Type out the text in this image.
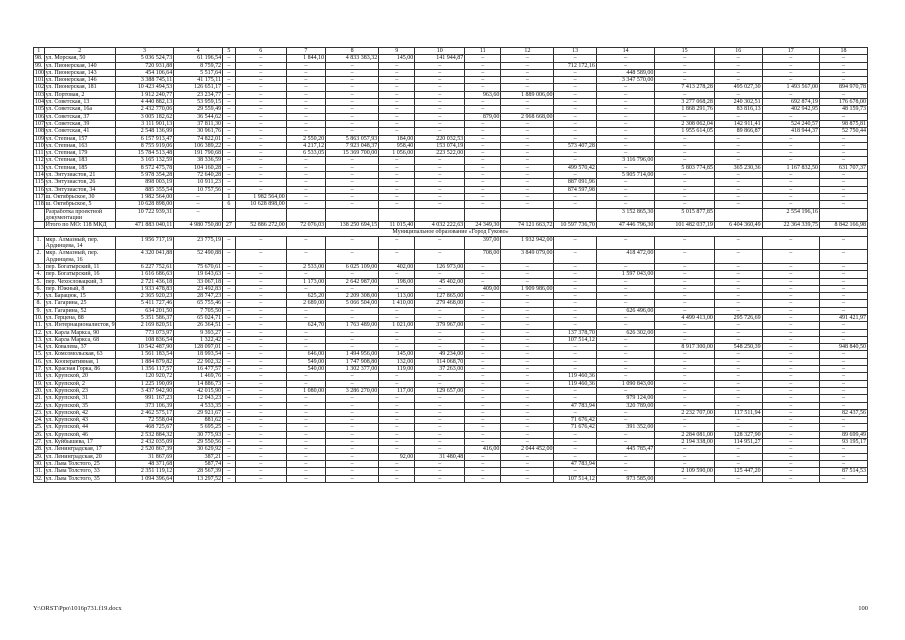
1	2	3	4	5	6	7	8	9	10	11	12	13	14	15	16	17	18
98.	ул. Морская, 50	5 036 524,73	61 196,54	–	–	1 844,10	4 833 383,32	145,00	141 944,87	–	–	–	–	–	–	–	–
99.	ул. Пионерская, 140	720 931,88	8 759,72	–	–	–	–	–	–	–	–	712 172,16	–	–	–	–	–
100.	ул. Пионерская, 143	454 106,64	5 517,64	–	–	–	–	–	–	–	–	–	448 589,00	–	–	–	–
101.	ул. Пионерская, 146	3 388 745,11	41 175,11	–	–	–	–	–	–	–	–	–	3 347 570,00	–	–	–	–
102.	ул. Пионерская, 181	10 423 494,53	126 651,17	–	–	–	–	–	–	–	–	–	–	7 413 278,28	495 027,30	1 493 567,00	894 970,78
103.	ул. Портовая, 2	1 912 240,77	23 234,77	–	–	–	–	–	–	963,60	1 889 006,00	–	–	–	–	–	–
104.	ул. Советская, 13	4 440 882,13	53 959,15	–	–	–	–	–	–	–	–	–	–	3 277 068,28	240 302,51	692 874,19	176 678,00
105.	ул. Советская, 16а	2 432 770,06	29 559,49	–	–	–	–	–	–	–	–	–	–	1 868 291,76	83 816,13	402 942,95	48 159,73
106.	ул. Советская, 37	3 005 182,62	36 544,62	–	–	–	–	–	–	879,00	2 968 668,00	–	–	–	–	–	–
107.	ул. Советская, 39	3 111 901,13	37 811,30	–	–	–	–	–	–	–	–	–	–	2 308 062,04	142 911,41	524 240,57	98 875,81
108.	ул. Советская, 41	2 548 136,99	30 961,76	–	–	–	–	–	–	–	–	–	–	1 955 614,05	89 866,87	418 944,37	52 750,44
109.	ул. Степная, 157	6 157 913,47	74 822,01	–	–	2 550,20	5 863 057,93	184,00	220 032,53	–	–	–	–	–	–	–	–
110.	ул. Степная, 163	8 755 919,06	106 389,22	–	–	4 217,12	7 923 048,37	958,40	153 074,19	–	–	573 407,28	–	–	–	–	–
111.	ул. Степная, 179	15 784 513,48	191 790,68	–	–	6 533,05	15 369 700,00	1 056,00	223 522,00	–	–	–	–	–	–	–	–
112.	ул. Степная, 183	3 165 132,59	38 336,59	–	–	–	–	–	–	–	–	–	3 116 796,00	–	–	–	–
113.	ул. Степная, 185	8 572 475,78	104 160,28	–	–	–	–	–	–	–	–	499 570,42	–	5 803 774,85	365 230,36	1 167 832,50	631 707,37
114.	ул. Энтузиастов, 21	5 978 354,28	72 640,28	–	–	–	–	–	–	–	–	–	5 905 714,00	–	–	–	–
115.	ул. Энтузиастов, 26	898 003,19	10 911,23	–	–	–	–	–	–	–	–	887 091,96	–	–	–	–	–
116.	ул. Энтузиастов, 34	885 355,54	10 757,56	–	–	–	–	–	–	–	–	874 597,98	–	–	–	–	–
117.	ш. Октябрьское, 30	1 982 564,00	–	1	1 982 564,00	–	–	–	–	–	–	–	–	–	–	–	–
118.	ш. Октябрьское, 5	10 628 898,00	–	6	10 628 898,00	–	–	–	–	–	–	–	–	–	–	–	–
	Разработка проектной документации	10 722 939,31	–										3 152 865,30	5 015 877,85		2 554 196,16	
	Итого по МО: 118 МКД	471 883 040,11	4 980 750,80	27	52 886 272,00	72 076,03	138 250 694,15	11 015,40	4 032 222,63	24 349,30	74 121 663,72	10 597 736,70	47 446 796,30	101 482 037,19	6 404 360,49	22 364 339,75	8 842 166,98
Муниципальное образование «Город Гуково»																	
1.	мкр. Алмазный, пер. Ардинцева, 14	1 956 717,19	23 775,19	–	–	–	–	–	–	397,00	1 932 942,00	–	–	–	–	–	–
2.	мкр. Алмазный, пер. Ардинцева, 16	4 320 041,88	52 490,88	–	–	–	–	–	–	708,00	3 849 079,00	–	418 472,00	–	–	–	–
3.	пер. Богатырский, 11	6 227 752,61	75 670,61	–	–	2 533,00	6 025 109,00	402,00	126 973,00	–	–	–	–	–	–	–	–
4.	пер. Богатырский, 16	1 616 686,63	19 643,63	–	–	–	–	–	–	–	–	–	1 597 043,00	–	–	–	–
5.	пер. Чехословацкий, 3	2 721 436,18	33 067,18	–	–	1 173,00	2 642 987,00	198,00	45 402,00	–	–	–	–	–	–	–	–
6.	пер. Южный, 8	1 933 478,83	23 492,83	–	–	–	–	–	–	409,00	1 909 986,00	–	–	–	–	–	–
7.	ул. Барацюк, 15	2 365 920,23	28 747,23	–	–	625,20	2 209 308,00	113,00	127 865,00	–	–	–	–	–	–	–	–
8.	ул. Гагарина, 25	5 411 727,46	65 755,46	–	–	2 689,00	5 066 504,00	1 410,00	279 468,00	–	–	–	–	–	–	–	–
9.	ул. Гагарина, 52	634 201,50	7 705,50	–	–	–	–	–	–	–	–	–	626 496,00	–	–	–	–
10.	ул. Герцена, 88	5 351 586,37	65 024,71	–	–	–	–	–	–	–	–	–	–	4 499 413,00	295 726,69	–	491 421,97
11.	ул. Интернационалистов, 9	2 169 820,51	26 364,51	–	–	624,70	1 763 489,00	1 021,00	379 967,00	–	–	–	–	–	–	–	–
12.	ул. Карла Маркса, 90	773 073,97	9 393,27	–	–	–	–	–	–	–	–	137 378,70	626 302,00	–	–	–	–
13.	ул. Карла Маркса, 68	108 836,54	1 322,42	–	–	–	–	–	–	–	–	107 514,12	–	–	–	–	–
14.	ул. Ковалева, 37	10 542 487,90	128 097,01	–	–	–	–	–	–	–	–	–	–	8 917 300,00	548 250,39	–	948 840,50
15.	ул. Комсомольская, 63	1 561 183,54	18 993,54	–	–	646,00	1 494 956,00	145,00	49 234,00	–	–	–	–	–	–	–	–
16.	ул. Кооперативная, 1	1 884 879,82	22 902,32	–	–	549,00	1 747 908,80	132,00	114 068,70	–	–	–	–	–	–	–	–
17.	ул. Красная Горка, 86	1 356 117,57	16 477,57	–	–	540,00	1 302 377,00	119,00	37 263,00	–	–	–	–	–	–	–	–
18.	ул. Крупской, 20	120 920,72	1 469,76	–	–	–	–	–	–	–	–	119 460,36	–	–	–	–	–
19.	ул. Крупской, 2	1 225 190,09	14 886,73	–	–	–	–	–	–	–	–	119 460,36	1 090 843,00	–	–	–	–
20.	ул. Крупской, 23	3 437 942,90	42 015,90	–	–	1 080,00	3 286 270,00	117,00	129 657,00	–	–	–	–	–	–	–	–
21.	ул. Крупской, 31	991 167,23	12 043,23	–	–	–	–	–	–	–	–	–	979 124,00	–	–	–	–
22.	ул. Крупской, 35	373 106,39	4 533,35	–	–	–	–	–	–	–	–	47 783,94	320 789,00	–	–	–	–
23.	ул. Крупской, 42	2 462 575,17	29 921,67	–	–	–	–	–	–	–	–	–	–	2 232 707,00	117 511,94	–	82 437,56
24.	ул. Крупской, 43	72 558,04	881,62	–	–	–	–	–	–	–	–	71 676,42	–	–	–	–	–
25.	ул. Крупской, 44	468 725,67	5 695,25	–	–	–	–	–	–	–	–	71 676,42	391 352,00	–	–	–	–
26.	ул. Крупской, 46	2 532 884,32	30 775,93	–	–	–	–	–	–	–	–	–	–	2 284 081,00	128 327,90	–	89 699,49
27.	ул. Куйбышева, 17	2 432 035,09	29 550,56	–	–	–	–	–	–	–	–	–	–	2 194 338,00	114 951,27	–	93 195,17
28.	ул. Ленинградская, 17	2 520 867,39	30 629,92	–	–	–	–	–	–	416,00	2 044 452,00	–	445 785,47	–	–	–	–
29.	ул. Ленинградская, 20	31 867,69	387,21	–	–	–	–	92,00	31 480,48	–	–	–	–	–	–	–	–
30.	ул. Льва Толстого, 25	48 371,68	587,74	–	–	–	–	–	–	–	–	47 783,94	–	–	–	–	–
31.	ул. Льва Толстого, 33	2 351 119,12	28 567,39	–	–	–	–	–	–	–	–	–	–	2 109 590,00	125 447,20	–	87 514,53
32.	ул. Льва Толстого, 35	1 094 396,64	13 297,52	–	–	–	–	–	–	–	–	107 514,12	973 585,00	–	–	–	–
Y:\ORST\Ppo\1016p731.f19.docx	100
